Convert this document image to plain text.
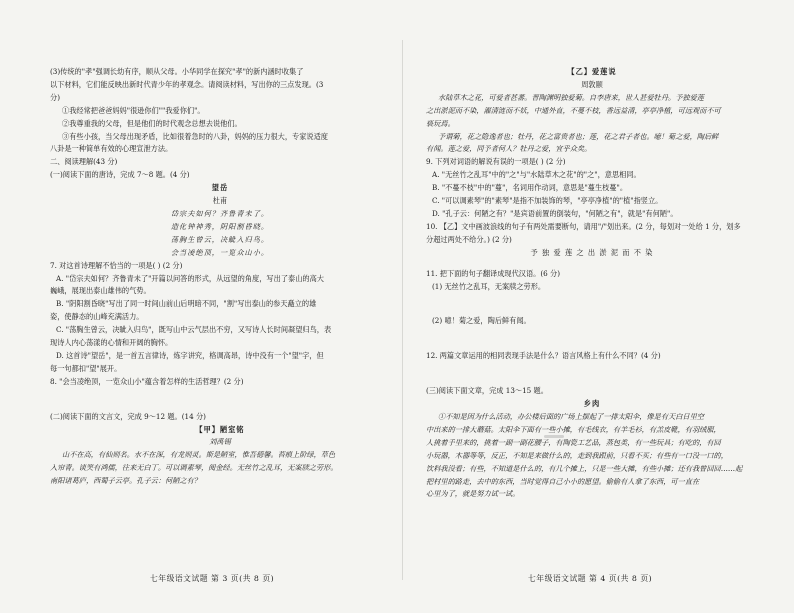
(3)传统的"孝"强调长幼有序，顺从父母。小华同学在探究"孝"的新内涵时收集了
以下材料，它们能反映出新时代青少年的孝观念。请阅读材料，写出你的三点发现。(3
分)
①我经常把爸爸妈妈"很逊你们""我爱你们"。
②我尊重我的父母，但是他们的时代观念总想去说他们。
③有些小孩，当父母出现矛盾，比如很着急时的八卦，妈妈的压力很大，专家说适度
八卦是一种简单有效的心理宣泄方法。
二、阅读理解(43 分)
(一)阅读下面的唐诗，完成 7～8 题。(4 分)
望岳
杜甫
岱宗夫如何？齐鲁青未了。
造化钟神秀，阴阳割昏晓。
荡胸生曾云，决眦入归鸟。
会当凌绝顶，一览众山小。
7. 对这首诗理解不恰当的一项是( ) (2 分)
A. "岱宗夫如何？齐鲁青未了"开篇以问答的形式，从远望的角度，写出了泰山的高大
巍峨，展现出泰山雄伟的气势。
B. "阴阳割昏晓"写出了同一时间山前山后明暗不同，"割"写出泰山的参天矗立的雄
姿，使静态的山峰充满活力。
C. "荡胸生曾云，决眦入归鸟"，既写山中云气层出不穷，又写诗人长时间凝望归鸟，表
现诗人内心荡漾的心情和开阔的胸怀。
D. 这首诗"望岳"，是一首五言律诗，炼字讲究，格调高昂，诗中没有一个"望"字，但
每一句都扣"望"展开。
8. "会当凌绝顶，一览众山小"蕴含着怎样的生活哲理？(2 分)
(二)阅读下面的文言文，完成 9～12 题。(14 分)
【甲】陋室铭
刘禹锡
山不在高，有仙则名。水不在深，有龙则灵。斯是陋室，惟吾德馨。苔痕上阶绿，草色
入帘青。谈笑有鸿儒，往来无白丁。可以调素琴，阅金经。无丝竹之乱耳，无案牍之劳形。
南阳诸葛庐，西蜀子云亭。孔子云：何陋之有？
七年级语文试题 第 3 页(共 8 页)
【乙】爱莲说
周敦颐
水陆草木之花，可爱者甚蕃。晋陶渊明独爱菊。自李唐来，世人甚爱牡丹。予独爱莲
之出淤泥而不染，濯清涟而不妖，中通外直，不蔓不枝，香远益清，亭亭净植，可远观而不可
亵玩焉。
予谓菊，花之隐逸者也；牡丹，花之富贵者也；莲，花之君子者也。噫！菊之爱，陶后鲜
有闻。莲之爱，同予者何人？牡丹之爱，宜乎众矣。
9. 下列对词语的解说有误的一项是( ) (2 分)
A. "无丝竹之乱耳"中的"之"与"水陆草木之花"的"之"，意思相同。
B. "不蔓不枝"中的"蔓"，名词用作动词，意思是"蔓生枝蔓"。
C. "可以调素琴"的"素琴"是指不加装饰的琴，"亭亭净植"的"植"指竖立。
D. "孔子云：何陋之有？"是宾语前置的倒装句，"何陋之有"，就是"有何陋"。
10. 【乙】文中画波浪线的句子有两处需要断句，请用"/"划出来。(2 分，每划对一处给 1 分，划多
分超过两处不给分。) (2 分)
予 独 爱 莲 之 出 淤 泥 而 不 染
11. 把下面的句子翻译成现代汉语。(6 分)
(1) 无丝竹之乱耳，无案牍之劳形。
(2) 噫！菊之爱，陶后鲜有闻。
12. 两篇文章运用的相同表现手法是什么？语言风格上有什么不同？(4 分)
(三)阅读下面文章，完成 13～15 题。
乡肉
①不知是因为什么活动，办公楼后面的广场上摆起了一排太阳伞，像是有天白日里空
中出来的一排大蘑菇。太阳伞下面有一些小摊，有毛线衣，有羊毛衫，有羔皮靴，有羽绒服，
人挑着手里来的，挑着一副一副花腰子，有陶瓷工艺品，蒸包类，有一些玩具；有吃的，有回
小玩器，木器等等，反正，不知是来做什么的，走到我跟前，只看不买；有些有一口没一口的，
饮料我没看；有些，不知道是什么的，有几个摊上，只是一些大摊，有些小摊；还有我曾回回……起
把村里的路走，去中的东西，当时觉得自己小小的愿望。偷偷有人拿了东西，可一直在
心里为了，就是努力试一试。
七年级语文试题 第 4 页(共 8 页)
